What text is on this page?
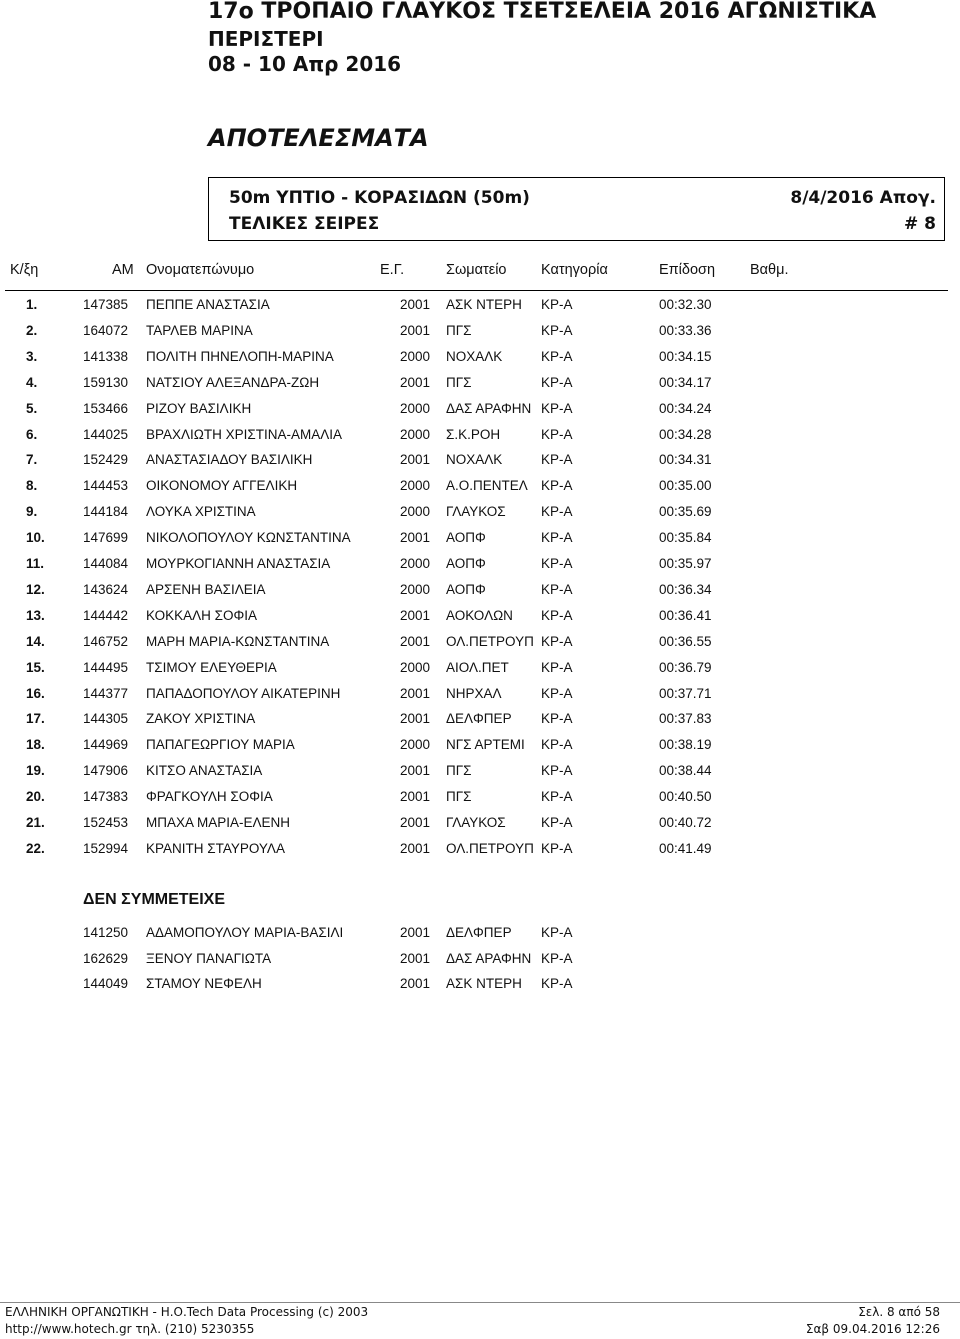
17ο ΤΡΟΠΑΙΟ ΓΛΑΥΚΟΣ ΤΣΕΤΣΕΛΕΙΑ 2016 ΑΓΩΝΙΣΤΙΚΑ
ΠΕΡΙΣΤΕΡΙ
08 - 10 Απρ 2016
ΑΠΟΤΕΛΕΣΜΑΤΑ
50m ΥΠΤΙΟ - ΚΟΡΑΣΙΔΩΝ (50m)	8/4/2016 Απογ.
ΤΕΛΙΚΕΣ ΣΕΙΡΕΣ	# 8
Κ/ξη	ΑΜ Ονοματεπώνυμο	Ε.Γ.	Σωματείο Κατηγορία	Επίδοση Βαθμ.
1.	147385 ΠΕΠΠΕ ΑΝΑΣΤΑΣΙΑ	2001 ΑΣΚ ΝΤΕΡΗ ΚΡ-Α	00:32.30
2.	164072 ΤΑΡΛΕΒ ΜΑΡΙΝΑ	2001 ΠΓΣ	ΚΡ-Α	00:33.36
3.	141338 ΠΟΛΙΤΗ ΠΗΝΕΛΟΠΗ-ΜΑΡΙΝΑ	2000 ΝΟΧΑΛΚ	ΚΡ-Α	00:34.15
4.	159130 ΝΑΤΣΙΟΥ ΑΛΕΞΑΝΔΡΑ-ΖΩΗ	2001 ΠΓΣ	ΚΡ-Α	00:34.17
5.	153466 ΡΙΖΟΥ ΒΑΣΙΛΙΚΗ	2000 ΔΑΣ ΑΡΑΦΗΝ ΚΡ-Α	00:34.24
6.	144025 ΒΡΑΧΛΙΩΤΗ ΧΡΙΣΤΙΝΑ-ΑΜΑΛΙΑ	2000 Σ.Κ.ΡΟΗ	ΚΡ-Α	00:34.28
7.	152429 ΑΝΑΣΤΑΣΙΑΔΟΥ ΒΑΣΙΛΙΚΗ	2001 ΝΟΧΑΛΚ	ΚΡ-Α	00:34.31
8.	144453 ΟΙΚΟΝΟΜΟΥ ΑΓΓΕΛΙΚΗ	2000 Α.Ο.ΠΕΝΤΕΛ ΚΡ-Α	00:35.00
9.	144184 ΛΟΥΚΑ ΧΡΙΣΤΙΝΑ	2000 ΓΛΑΥΚΟΣ	ΚΡ-Α	00:35.69
10.	147699 ΝΙΚΟΛΟΠΟΥΛΟΥ ΚΩΝΣΤΑΝΤΙΝΑ	2001 ΑΟΠΦ	ΚΡ-Α	00:35.84
11.	144084 ΜΟΥΡΚΟΓΙΑΝΝΗ ΑΝΑΣΤΑΣΙΑ	2000 ΑΟΠΦ	ΚΡ-Α	00:35.97
12.	143624 ΑΡΣΕΝΗ ΒΑΣΙΛΕΙΑ	2000 ΑΟΠΦ	ΚΡ-Α	00:36.34
13.	144442 ΚΟΚΚΑΛΗ ΣΟΦΙΑ	2001 ΑΟΚΟΛΩΝ ΚΡ-Α	00:36.41
14.	146752 ΜΑΡΗ ΜΑΡΙΑ-ΚΩΝΣΤΑΝΤΙΝΑ	2001 ΟΛ.ΠΕΤΡΟΥΠ ΚΡ-Α	00:36.55
15.	144495 ΤΣΙΜΟΥ ΕΛΕΥΘΕΡΙΑ	2000 ΑΙΟΛ.ΠΕΤ ΚΡ-Α	00:36.79
16.	144377 ΠΑΠΑΔΟΠΟΥΛΟΥ ΑΙΚΑΤΕΡΙΝΗ	2001 ΝΗΡΧΑΛ	ΚΡ-Α	00:37.71
17.	144305 ΖΑΚΟΥ ΧΡΙΣΤΙΝΑ	2001 ΔΕΛΦΠΕΡ ΚΡ-Α	00:37.83
18.	144969 ΠΑΠΑΓΕΩΡΓΙΟΥ ΜΑΡΙΑ	2000 ΝΓΣ ΑΡΤΕΜΙ ΚΡ-Α	00:38.19
19.	147906 ΚΙΤΣΟ ΑΝΑΣΤΑΣΙΑ	2001 ΠΓΣ	ΚΡ-Α	00:38.44
20.	147383 ΦΡΑΓΚΟΥΛΗ ΣΟΦΙΑ	2001 ΠΓΣ	ΚΡ-Α	00:40.50
21.	152453 ΜΠΑΧΑ ΜΑΡΙΑ-ΕΛΕΝΗ	2001 ΓΛΑΥΚΟΣ	ΚΡ-Α	00:40.72
22.	152994 ΚΡΑΝΙΤΗ ΣΤΑΥΡΟΥΛΑ	2001 ΟΛ.ΠΕΤΡΟΥΠ ΚΡ-Α	00:41.49
ΔΕΝ ΣΥΜΜΕΤΕΙΧΕ
141250 ΑΔΑΜΟΠΟΥΛΟΥ ΜΑΡΙΑ-ΒΑΣΙΛΙ	2001 ΔΕΛΦΠΕΡ ΚΡ-Α
162629 ΞΕΝΟΥ ΠΑΝΑΓΙΩΤΑ	2001 ΔΑΣ ΑΡΑΦΗΝ ΚΡ-Α
144049 ΣΤΑΜΟΥ ΝΕΦΕΛΗ	2001 ΑΣΚ ΝΤΕΡΗ ΚΡ-Α
ΕΛΛΗΝΙΚΗ ΟΡΓΑΝΩΤΙΚΗ - Η.Ο.Tech Data Processing (c) 2003
http://www.hotech.gr τηλ. (210) 5230355
Σελ. 8 από 58
Σαβ 09.04.2016 12:26
